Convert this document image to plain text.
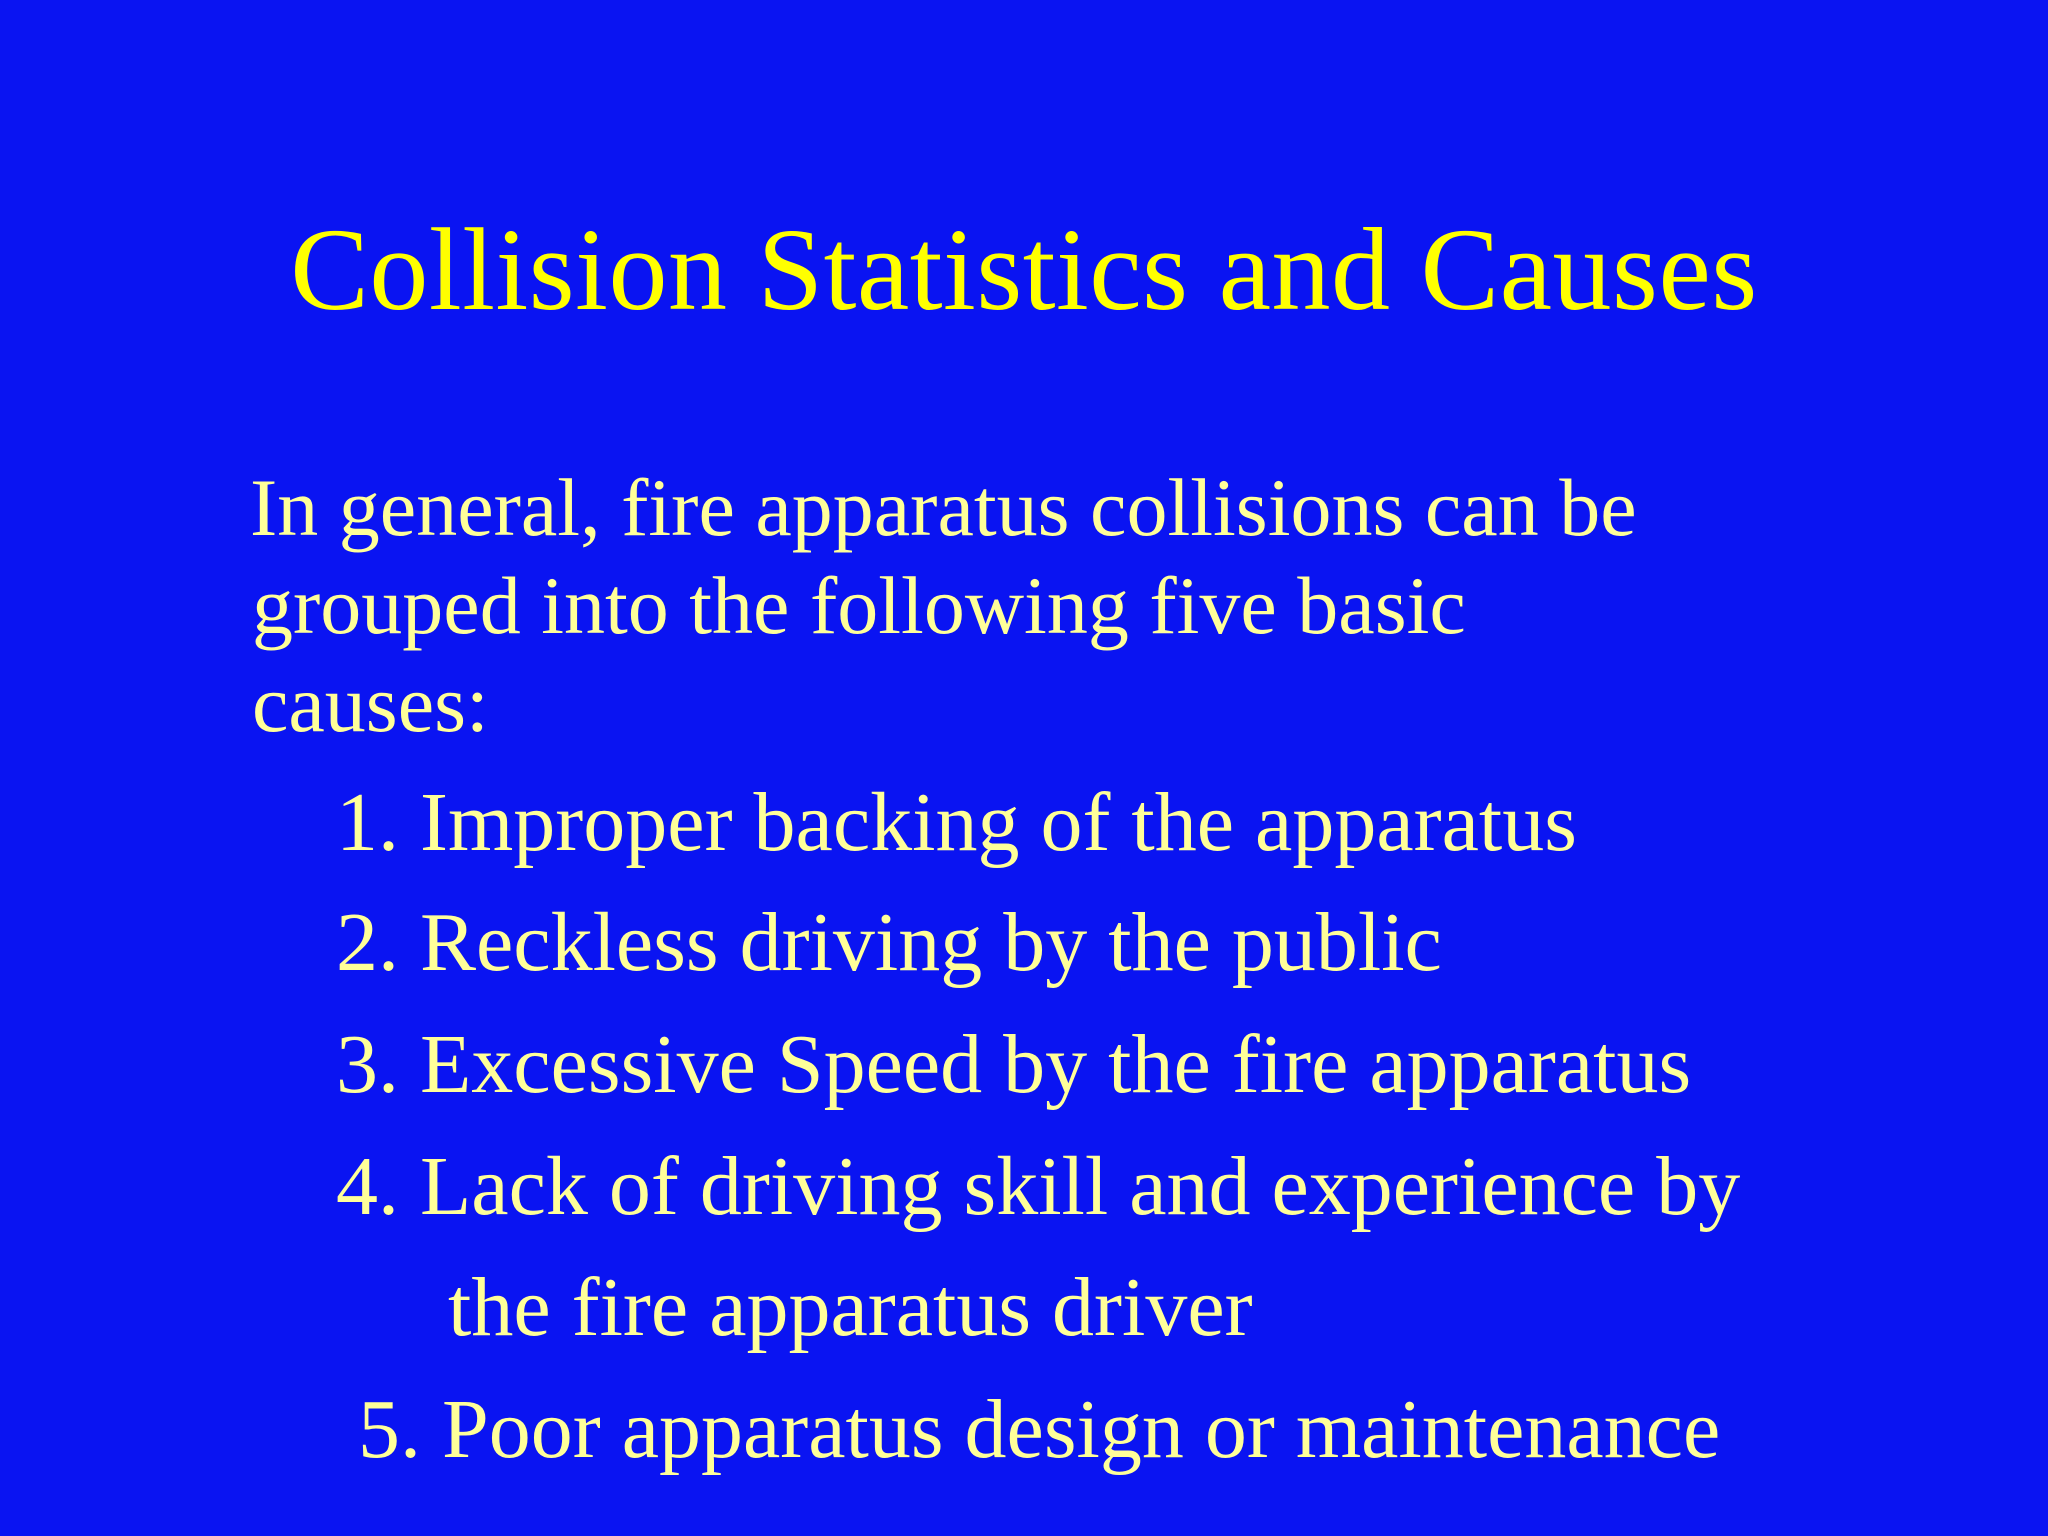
Collision Statistics and Causes
In general, fire apparatus collisions can be
grouped into the following five basic
causes:
1. Improper backing of the apparatus
2. Reckless driving by the public
3. Excessive Speed by the fire apparatus
4. Lack of driving skill and experience by
the fire apparatus driver
5. Poor apparatus design or maintenance
